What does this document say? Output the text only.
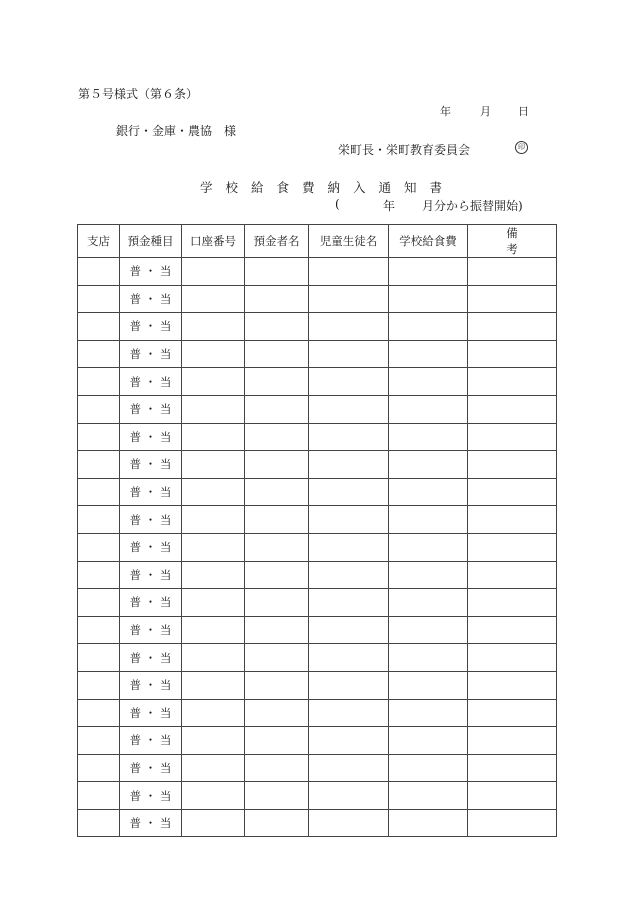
第５号様式（第６条）
年	月 日
銀行・金庫・農協 様
栄町長・栄町教育委員会	印
学校給食費納入通知書
(	年 月分から振替開始)
支店	預金種目	口座番号	預金者名	児童生徒名	学校給食費	備考
	普 ・ 当					
	普 ・ 当					
	普 ・ 当					
	普 ・ 当					
	普 ・ 当					
	普 ・ 当					
	普 ・ 当					
	普 ・ 当					
	普 ・ 当					
	普 ・ 当					
	普 ・ 当					
	普 ・ 当					
	普 ・ 当					
	普 ・ 当					
	普 ・ 当					
	普 ・ 当					
	普 ・ 当					
	普 ・ 当					
	普 ・ 当					
	普 ・ 当					
	普 ・ 当					
